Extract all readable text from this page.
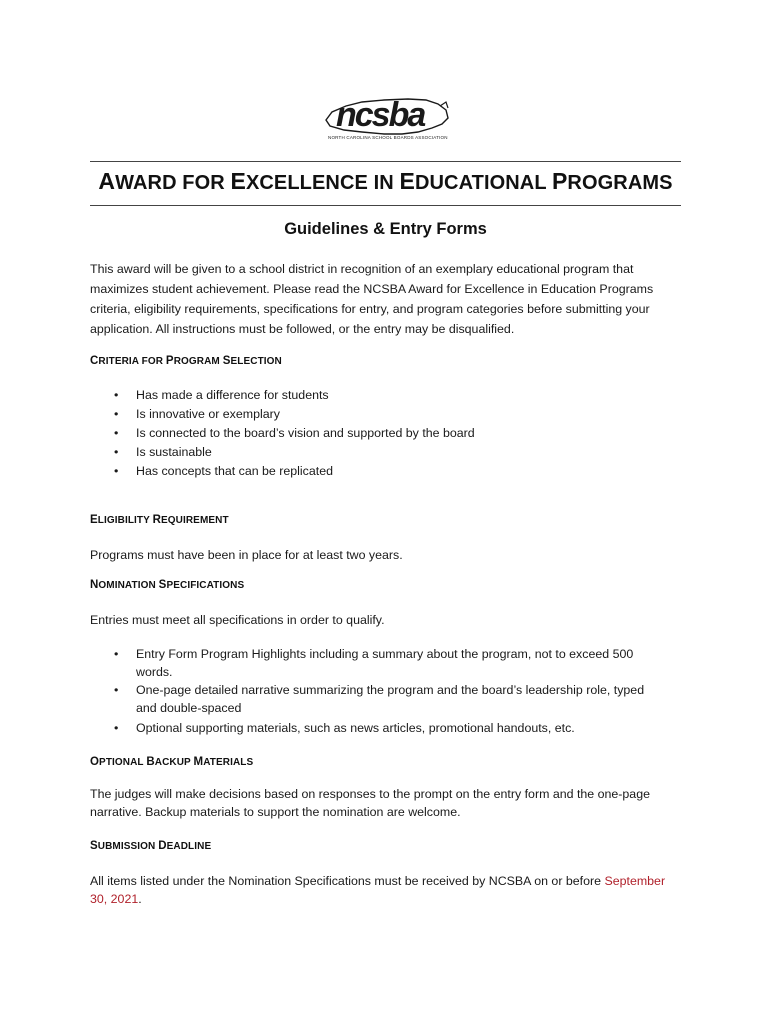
ncsba
NORTH CAROLINA SCHOOL BOARDS ASSOCIATION
AWARD FOR EXCELLENCE IN EDUCATIONAL PROGRAMS
Guidelines & Entry Forms
This award will be given to a school district in recognition of an exemplary educational program that
maximizes student achievement. Please read the NCSBA Award for Excellence in Education Programs
criteria, eligibility requirements, specifications for entry, and program categories before submitting your
application. All instructions must be followed, or the entry may be disqualified.
CRITERIA FOR PROGRAM SELECTION
• Has made a difference for students
• Is innovative or exemplary
• Is connected to the board’s vision and supported by the board
• Is sustainable
• Has concepts that can be replicated
ELIGIBILITY REQUIREMENT
Programs must have been in place for at least two years.
NOMINATION SPECIFICATIONS
Entries must meet all specifications in order to qualify.
• Entry Form Program Highlights including a summary about the program, not to exceed 500
words.
• One-page detailed narrative summarizing the program and the board’s leadership role, typed
and double-spaced
• Optional supporting materials, such as news articles, promotional handouts, etc.
OPTIONAL BACKUP MATERIALS
The judges will make decisions based on responses to the prompt on the entry form and the one-page
narrative. Backup materials to support the nomination are welcome.
SUBMISSION DEADLINE
All items listed under the Nomination Specifications must be received by NCSBA on or before September
30, 2021.
